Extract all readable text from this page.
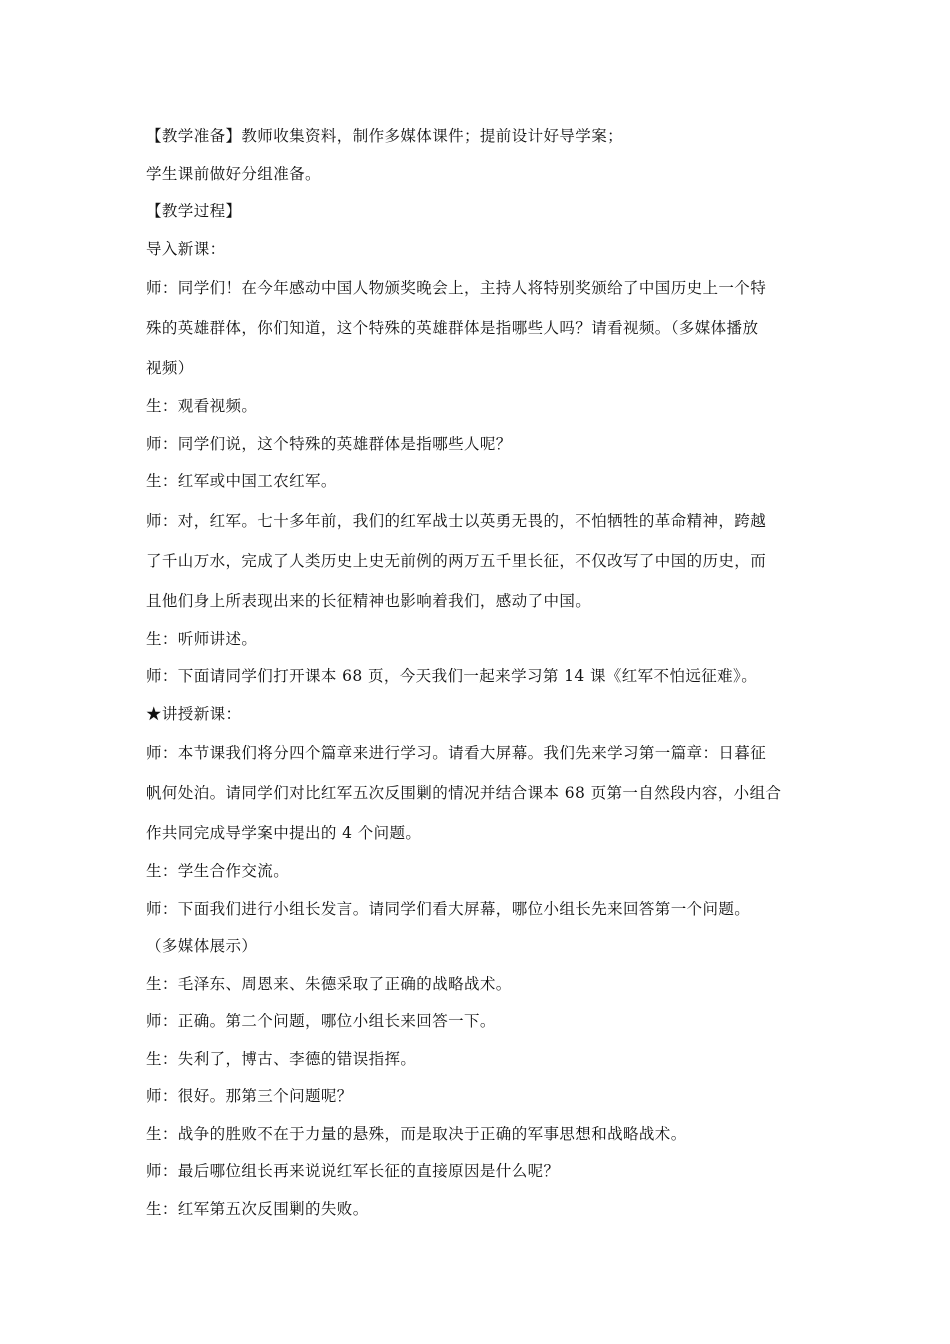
【教学准备】教师收集资料，制作多媒体课件；提前设计好导学案；
学生课前做好分组准备。
【教学过程】
导入新课：
师：同学们！在今年感动中国人物颁奖晚会上，主持人将特别奖颁给了中国历史上一个特
殊的英雄群体，你们知道，这个特殊的英雄群体是指哪些人吗？请看视频。（多媒体播放
视频）
生：观看视频。
师：同学们说，这个特殊的英雄群体是指哪些人呢？
生：红军或中国工农红军。
师：对，红军。七十多年前，我们的红军战士以英勇无畏的，不怕牺牲的革命精神，跨越
了千山万水，完成了人类历史上史无前例的两万五千里长征，不仅改写了中国的历史，而
且他们身上所表现出来的长征精神也影响着我们，感动了中国。
生：听师讲述。
师：下面请同学们打开课本 68 页，今天我们一起来学习第 14 课《红军不怕远征难》。
★讲授新课：
师：本节课我们将分四个篇章来进行学习。请看大屏幕。我们先来学习第一篇章：日暮征
帆何处泊。请同学们对比红军五次反围剿的情况并结合课本 68 页第一自然段内容，小组合
作共同完成导学案中提出的 4 个问题。
生：学生合作交流。
师：下面我们进行小组长发言。请同学们看大屏幕，哪位小组长先来回答第一个问题。
（多媒体展示）
生：毛泽东、周恩来、朱德采取了正确的战略战术。
师：正确。第二个问题，哪位小组长来回答一下。
生：失利了，博古、李德的错误指挥。
师：很好。那第三个问题呢？
生：战争的胜败不在于力量的悬殊，而是取决于正确的军事思想和战略战术。
师：最后哪位组长再来说说红军长征的直接原因是什么呢？
生：红军第五次反围剿的失败。
